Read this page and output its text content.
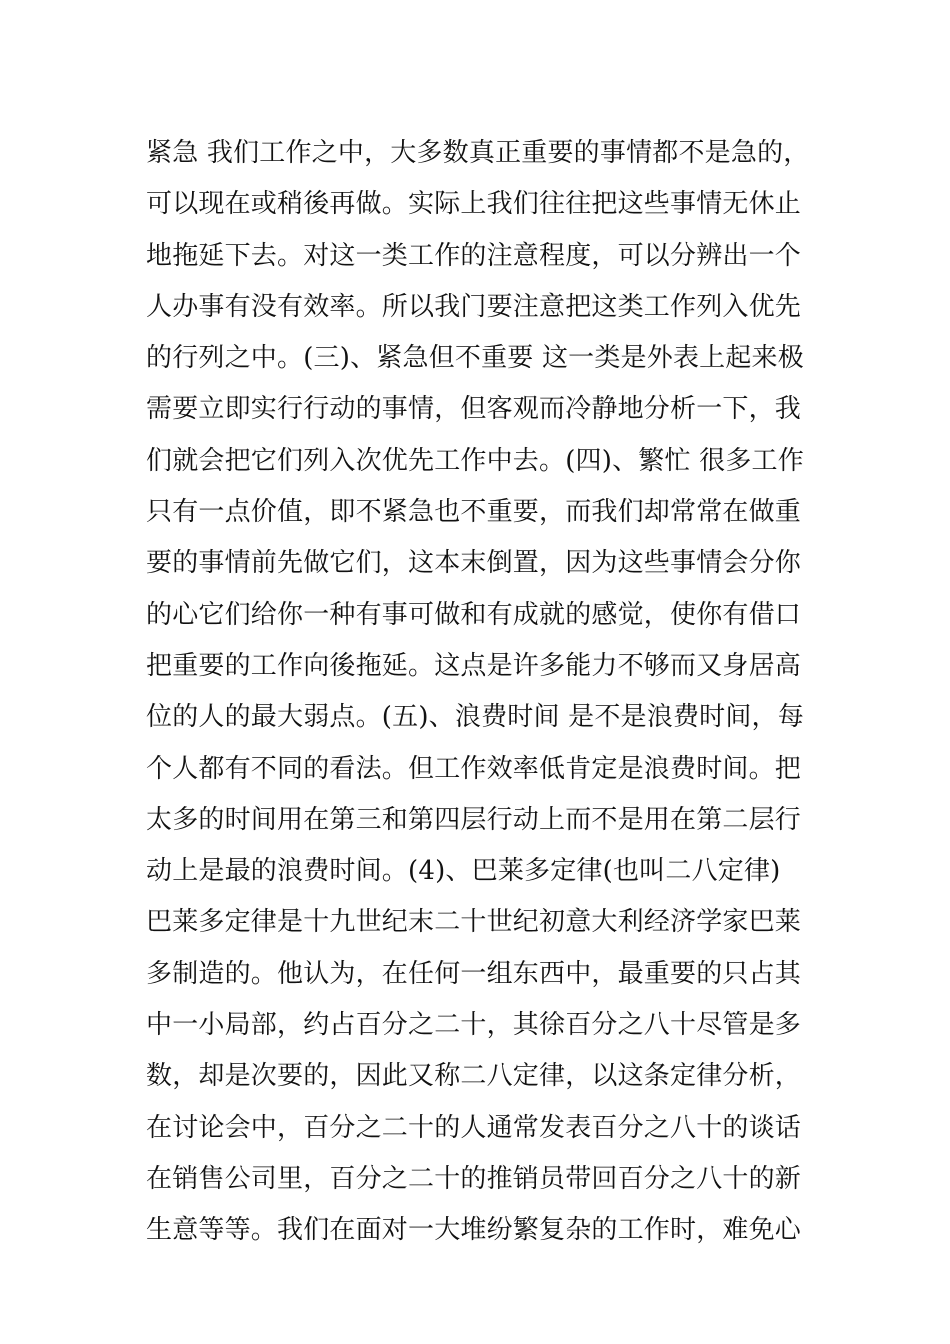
紧急 我们工作之中，大多数真正重要的事情都不是急的，
可以现在或稍後再做。实际上我们往往把这些事情无休止
地拖延下去。对这一类工作的注意程度，可以分辨出一个
人办事有没有效率。所以我门要注意把这类工作列入优先
的行列之中。(三)、紧急但不重要 这一类是外表上起来极
需要立即实行行动的事情，但客观而冷静地分析一下，我
们就会把它们列入次优先工作中去。(四)、繁忙 很多工作
只有一点价值，即不紧急也不重要，而我们却常常在做重
要的事情前先做它们，这本末倒置，因为这些事情会分你
的心它们给你一种有事可做和有成就的感觉，使你有借口
把重要的工作向後拖延。这点是许多能力不够而又身居高
位的人的最大弱点。(五)、浪费时间 是不是浪费时间，每
个人都有不同的看法。但工作效率低肯定是浪费时间。把
太多的时间用在第三和第四层行动上而不是用在第二层行
动上是最的浪费时间。(4)、巴莱多定律(也叫二八定律)
巴莱多定律是十九世纪末二十世纪初意大利经济学家巴莱
多制造的。他认为，在任何一组东西中，最重要的只占其
中一小局部，约占百分之二十，其徐百分之八十尽管是多
数，却是次要的，因此又称二八定律，以这条定律分析，
在讨论会中，百分之二十的人通常发表百分之八十的谈话
在销售公司里，百分之二十的推销员带回百分之八十的新
生意等等。我们在面对一大堆纷繁复杂的工作时，难免心
